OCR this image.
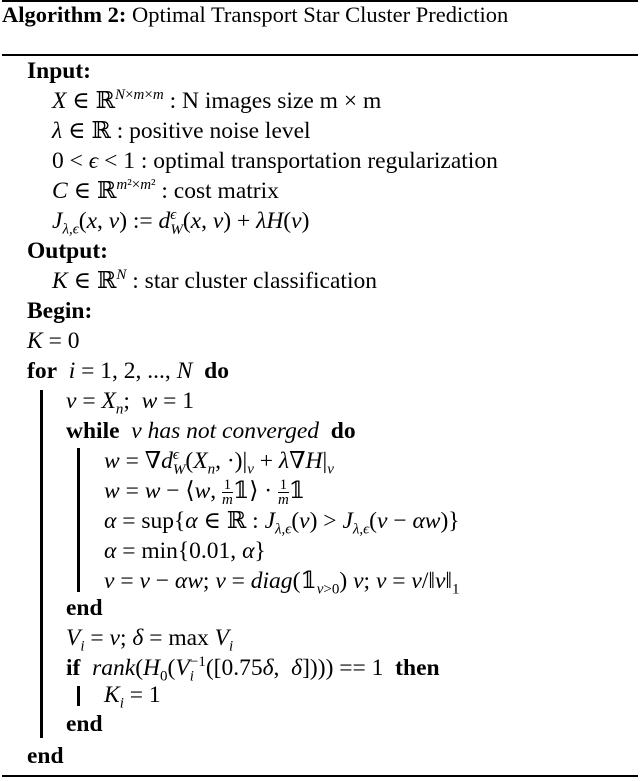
Algorithm 2: Optimal Transport Star Cluster Prediction
Input:
X ∈ ℝ$^{N\times m\times m}$ : N images size m × m
λ ∈ ℝ : positive noise level
0 < ϵ < 1 : optimal transportation regularization
C ∈ ℝ$^{m^2\times m^2}$ : cost matrix
$J_{\lambda,\epsilon}(x$, v) := $d^\epsilon_W(x$, v) + λH(v)
Output:
K ∈ ℝ$^N$ : star cluster classification
Begin:
K = 0
for i = 1, 2, ..., N do
$v = X_n$;  w = 1
while v has not converged do
$w = \nabla d^\epsilon_W(X_n$, $\cdot)|_v + \lambda\nabla H|_v$
w = w − ⟨w, $\frac{1}{m}$ 𝟙⟩ · $\frac{1}{m}$ 𝟙
α = sup{α ∈ ℝ : $J_{\lambda,\epsilon}(v) > J_{\lambda,\epsilon}(v - \alpha w)$}
α = min{0.01, α}
v = v − αw; $v = diag(𝟙_{v>0})$ v; $v = v/‖v‖_1$
end
$V_i = v$; $\delta = \max V_i$
if $rank(H_0(V_i^{-1}([0.75\delta$,  δ]))) == 1  then
$K_i = 1$
end
end
